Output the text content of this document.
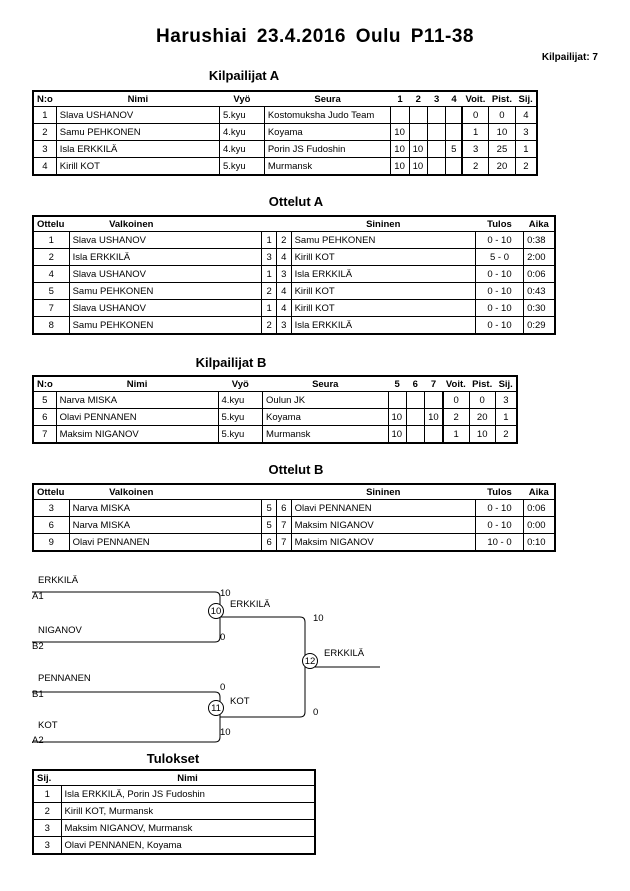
Harushiai 23.4.2016 Oulu P11-38
Kilpailijat: 7
Kilpailijat A
N:o	Nimi	Vyö	Seura	1	2	3	4	Voit.	Pist.	Sij.
1	Slava USHANOV	5.kyu	Kostomuksha Judo Team					0	0	4
2	Samu PEHKONEN	4.kyu	Koyama	10				1	10	3
3	Isla ERKKILÄ	4.kyu	Porin JS Fudoshin	10	10		5	3	25	1
4	Kirill KOT	5.kyu	Murmansk	10	10			2	20	2
Ottelut A
Ottelu	Valkoinen			Sininen	Tulos	Aika
1	Slava USHANOV	1	2	Samu PEHKONEN	0 - 10	0:38
2	Isla ERKKILÄ	3	4	Kirill KOT	5 - 0	2:00
4	Slava USHANOV	1	3	Isla ERKKILÄ	0 - 10	0:06
5	Samu PEHKONEN	2	4	Kirill KOT	0 - 10	0:43
7	Slava USHANOV	1	4	Kirill KOT	0 - 10	0:30
8	Samu PEHKONEN	2	3	Isla ERKKILÄ	0 - 10	0:29
Kilpailijat B
N:o	Nimi	Vyö	Seura	5	6	7	Voit.	Pist.	Sij.
5	Narva MISKA	4.kyu	Oulun JK				0	0	3
6	Olavi PENNANEN	5.kyu	Koyama	10		10	2	20	1
7	Maksim NIGANOV	5.kyu	Murmansk	10			1	10	2
Ottelut B
Ottelu	Valkoinen			Sininen	Tulos	Aika
3	Narva MISKA	5	6	Olavi PENNANEN	0 - 10	0:06
6	Narva MISKA	5	7	Maksim NIGANOV	0 - 10	0:00
9	Olavi PENNANEN	6	7	Maksim NIGANOV	10 - 0	0:10
ERKKILÄ
A1	10
NIGANOV
B2
0
PENNANEN
B1
0
KOT
A2
10
10
ERKKILÄ
10
11
KOT
0
12
ERKKILÄ
Tulokset
Sij.	Nimi
1	Isla ERKKILÄ, Porin JS Fudoshin
2	Kirill KOT, Murmansk
3	Maksim NIGANOV, Murmansk
3	Olavi PENNANEN, Koyama
